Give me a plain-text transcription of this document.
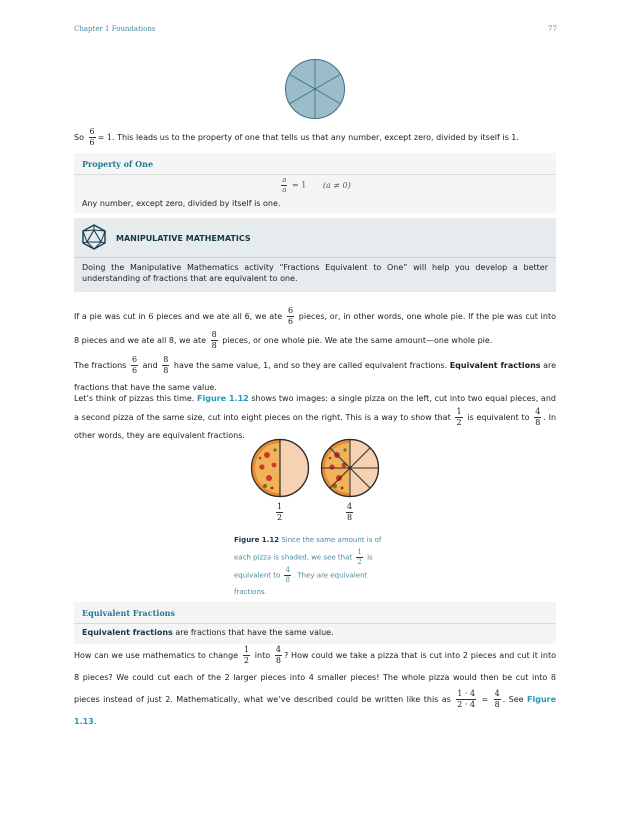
Chapter 1 Foundations	77
So $\frac{6}{6} = 1$. This leads us to the property of one that tells us that any number, except zero, divided by itself is 1.
Property of One
$\frac{a}{a} = 1$ (a ≠ 0)
Any number, except zero, divided by itself is one.
MANIPULATIVE MATHEMATICS
Doing the Manipulative Mathematics activity “Fractions Equivalent to One” will help you develop a better understanding of fractions that are equivalent to one.
If a pie was cut in 6 pieces and we ate all 6, we ate $\frac{6}{6}$ pieces, or, in other words, one whole pie. If the pie was cut into 8 pieces and we ate all 8, we ate $\frac{8}{8}$ pieces, or one whole pie. We ate the same amount—one whole pie.
The fractions $\frac{6}{6}$ and $\frac{8}{8}$ have the same value, 1, and so they are called equivalent fractions. Equivalent fractions are fractions that have the same value.
Let’s think of pizzas this time. Figure 1.12 shows two images: a single pizza on the left, cut into two equal pieces, and a second pizza of the same size, cut into eight pieces on the right. This is a way to show that $\frac{1}{2}$ is equivalent to $\frac{4}{8}$ . In other words, they are equivalent fractions.
$\frac{1}{2}$	$\frac{4}{8}$
Figure 1.12 Since the same amount is of each pizza is shaded, we see that $\frac{1}{2}$ is equivalent to $\frac{4}{8}$ . They are equivalent fractions.
Equivalent Fractions
Equivalent fractions are fractions that have the same value.
How can we use mathematics to change $\frac{1}{2}$ into $\frac{4}{8}$ ? How could we take a pizza that is cut into 2 pieces and cut it into 8 pieces? We could cut each of the 2 larger pieces into 4 smaller pieces! The whole pizza would then be cut into 8 pieces instead of just 2. Mathematically, what we’ve described could be written like this as $\frac{1 \cdot 4}{2 \cdot 4} = \frac{4}{8}$ . See Figure 1.13.
